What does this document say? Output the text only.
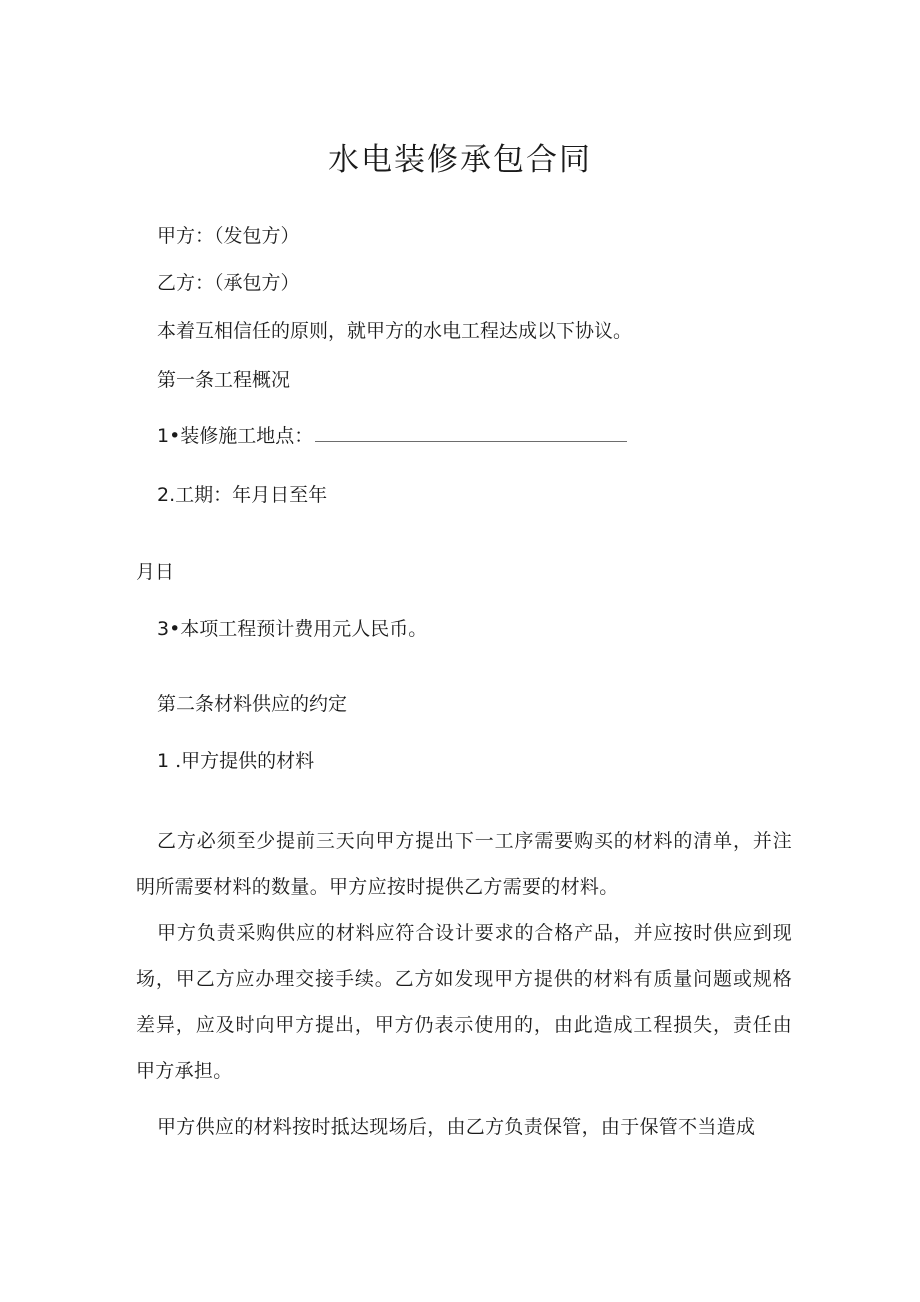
水电装修承包合同
甲方：（发包方）
乙方：（承包方）
本着互相信任的原则，就甲方的水电工程达成以下协议。
第一条工程概况
1•装修施工地点：
2.工期：年月日至年
月日
3•本项工程预计费用元人民币。
第二条材料供应的约定
1 .甲方提供的材料
乙方必须至少提前三天向甲方提出下一工序需要购买的材料的清单，并注明所需要材料的数量。甲方应按时提供乙方需要的材料。
甲方负责采购供应的材料应符合设计要求的合格产品，并应按时供应到现场，甲乙方应办理交接手续。乙方如发现甲方提供的材料有质量问题或规格差异，应及时向甲方提出，甲方仍表示使用的，由此造成工程损失，责任由甲方承担。
甲方供应的材料按时抵达现场后，由乙方负责保管，由于保管不当造成
